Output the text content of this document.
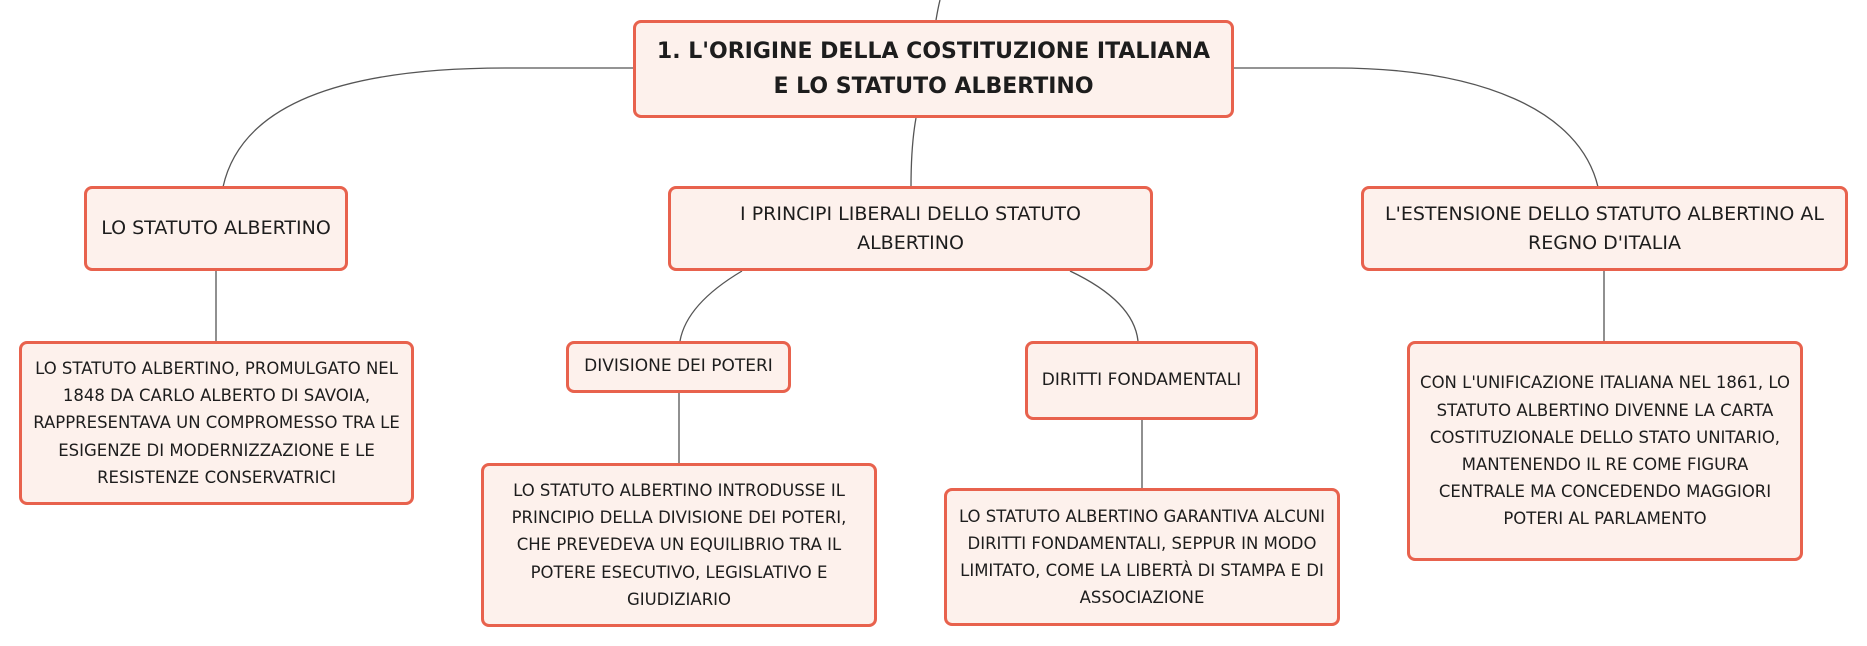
1. L'ORIGINE DELLA COSTITUZIONE ITALIANA E LO STATUTO ALBERTINO
LO STATUTO ALBERTINO
I PRINCIPI LIBERALI DELLO STATUTO ALBERTINO
L'ESTENSIONE DELLO STATUTO ALBERTINO AL REGNO D'ITALIA
DIVISIONE DEI POTERI
DIRITTI FONDAMENTALI
LO STATUTO ALBERTINO, PROMULGATO NEL 1848 DA CARLO ALBERTO DI SAVOIA, RAPPRESENTAVA UN COMPROMESSO TRA LE ESIGENZE DI MODERNIZZAZIONE E LE RESISTENZE CONSERVATRICI
LO STATUTO ALBERTINO INTRODUSSE IL PRINCIPIO DELLA DIVISIONE DEI POTERI, CHE PREVEDEVA UN EQUILIBRIO TRA IL POTERE ESECUTIVO, LEGISLATIVO E GIUDIZIARIO
LO STATUTO ALBERTINO GARANTIVA ALCUNI DIRITTI FONDAMENTALI, SEPPUR IN MODO LIMITATO, COME LA LIBERTÀ DI STAMPA E DI ASSOCIAZIONE
CON L'UNIFICAZIONE ITALIANA NEL 1861, LO STATUTO ALBERTINO DIVENNE LA CARTA COSTITUZIONALE DELLO STATO UNITARIO, MANTENENDO IL RE COME FIGURA CENTRALE MA CONCEDENDO MAGGIORI POTERI AL PARLAMENTO
